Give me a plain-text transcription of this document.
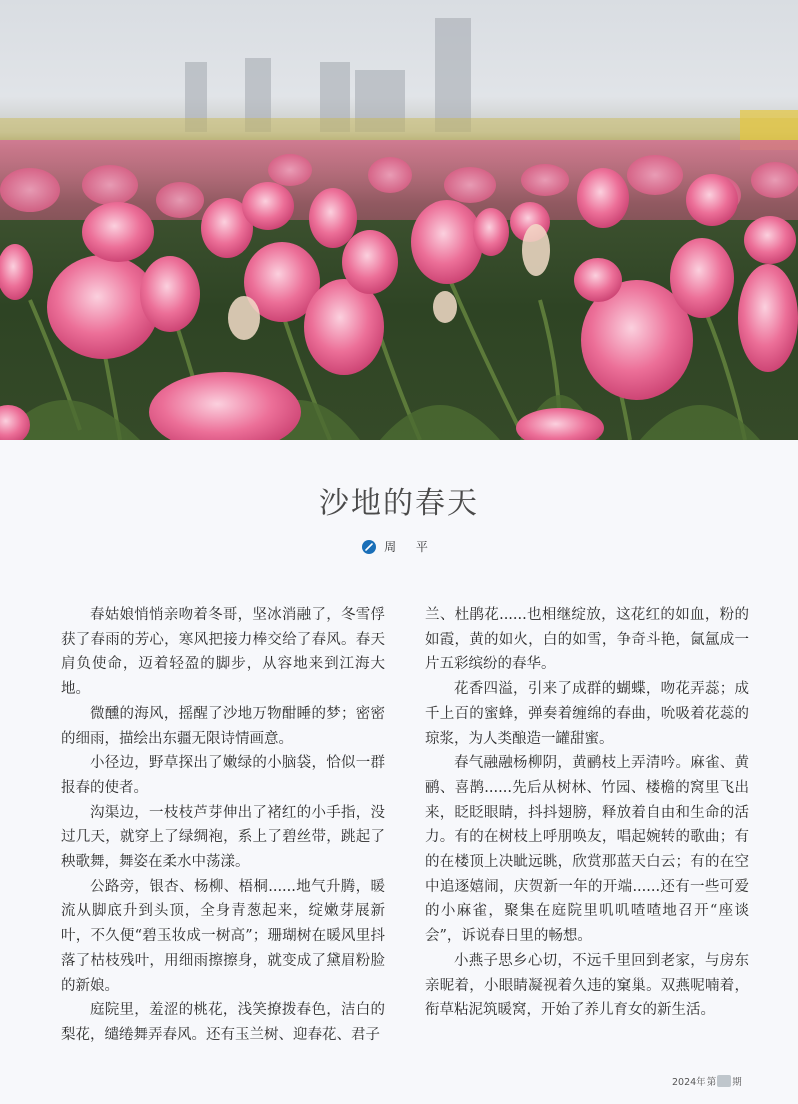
沙地的春天
周 平

春姑娘悄悄亲吻着冬哥，坚冰消融了，冬雪俘获了春雨的芳心，寒风把接力棒交给了春风。春天肩负使命，迈着轻盈的脚步，从容地来到江海大地。

微醺的海风，摇醒了沙地万物酣睡的梦；密密的细雨，描绘出东疆无限诗情画意。

小径边，野草探出了嫩绿的小脑袋，恰似一群报春的使者。

沟渠边，一枝枝芦芽伸出了褚红的小手指，没过几天，就穿上了绿绸袍，系上了碧丝带，跳起了秧歌舞，舞姿在柔水中荡漾。

公路旁，银杏、杨柳、梧桐......地气升腾，暖流从脚底升到头顶，全身青葱起来，绽嫩芽展新叶，不久便“碧玉妆成一树高”；珊瑚树在暖风里抖落了枯枝残叶，用细雨擦擦身，就变成了黛眉粉脸的新娘。

庭院里，羞涩的桃花，浅笑撩拨春色，洁白的梨花，缱绻舞弄春风。还有玉兰树、迎春花、君子

兰、杜鹃花......也相继绽放，这花红的如血，粉的如霞，黄的如火，白的如雪，争奇斗艳，氤氲成一片五彩缤纷的春华。

花香四溢，引来了成群的蝴蝶，吻花弄蕊；成千上百的蜜蜂，弹奏着缠绵的春曲，吮吸着花蕊的琼浆，为人类酿造一罐甜蜜。

春气融融杨柳阴，黄鹂枝上弄清吟。麻雀、黄鹂、喜鹊......先后从树林、竹园、楼檐的窝里飞出来，眨眨眼睛，抖抖翅膀，释放着自由和生命的活力。有的在树枝上呼朋唤友，唱起婉转的歌曲；有的在楼顶上决眦远眺，欣赏那蓝天白云；有的在空中追逐嬉闹，庆贺新一年的开端......还有一些可爱的小麻雀，聚集在庭院里叽叽喳喳地召开“座谈会”，诉说春日里的畅想。

小燕子思乡心切，不远千里回到老家，与房东亲昵着，小眼睛凝视着久违的窠巢。双燕呢喃着，衔草粘泥筑暖窝，开始了养儿育女的新生活。

2024年 第 期
